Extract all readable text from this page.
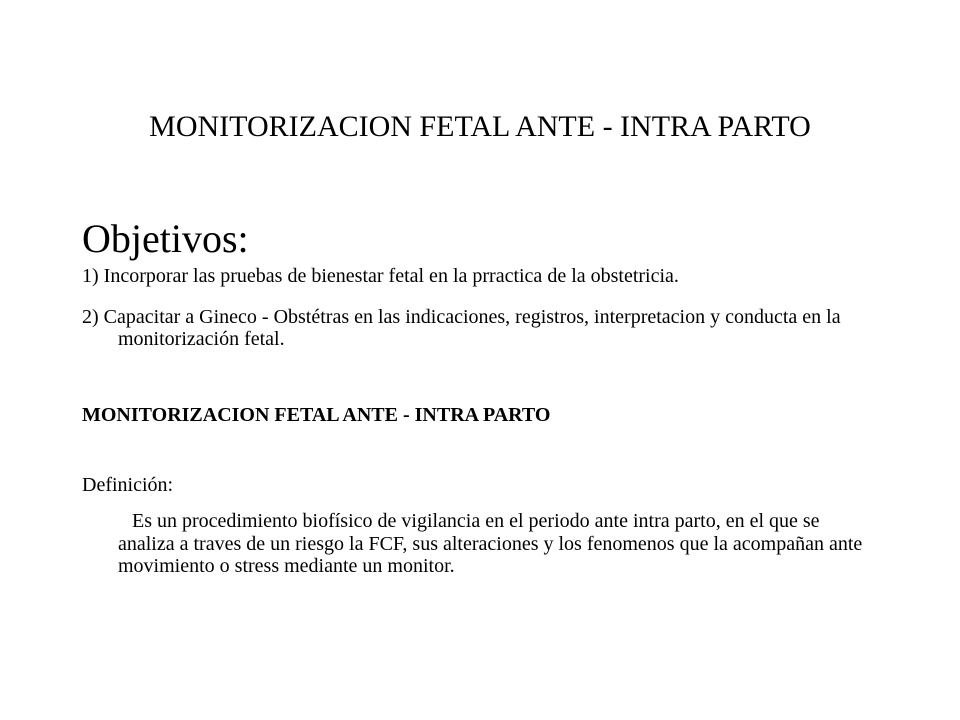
MONITORIZACION FETAL ANTE - INTRA PARTO
Objetivos:
1) Incorporar las pruebas de bienestar fetal en la prractica de la obstetricia.
2) Capacitar a Gineco - Obstétras en las indicaciones, registros, interpretacion y conducta en la monitorización fetal.
MONITORIZACION FETAL ANTE - INTRA PARTO
Definición:
Es un procedimiento biofísico de vigilancia en el periodo ante intra parto, en el que se analiza a traves de un riesgo la FCF, sus alteraciones y los fenomenos que la acompañan ante movimiento o stress mediante un monitor.
